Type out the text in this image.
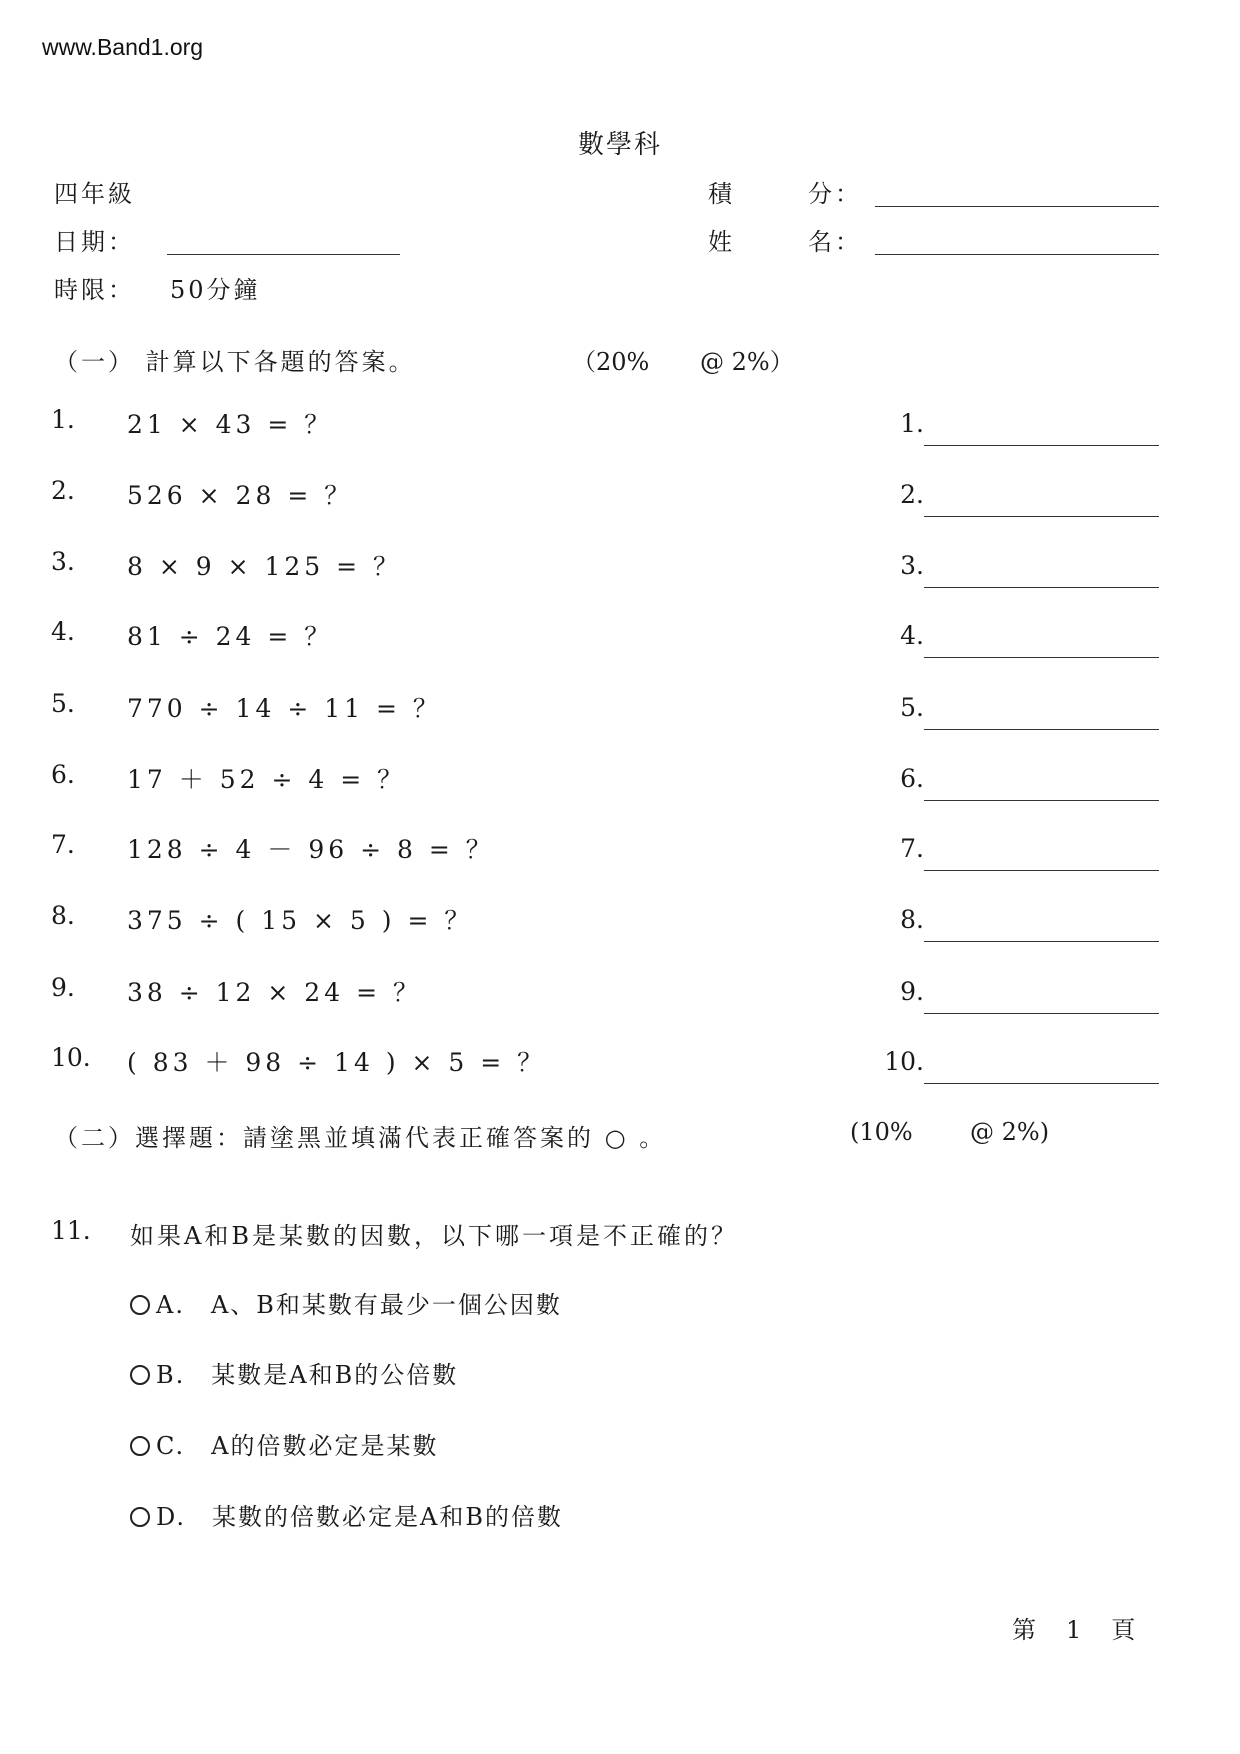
www.Band1.org
數學科
四年級
日期：
時限： 50分鐘
積	分：
姓	名：
（一） 計算以下各題的答案。	（20% @ 2%）
1. 21 × 43 = ？	1.
2. 526 × 28 = ？	2.
3. 8 × 9 × 125 = ？	3.
4. 81 ÷ 24 = ？	4.
5. 770 ÷ 14 ÷ 11 = ？	5.
6. 17 ＋ 52 ÷ 4 = ？	6.
7. 128 ÷ 4 － 96 ÷ 8 = ？	7.
8. 375 ÷ ( 15 × 5 ) = ？	8.
9. 38 ÷ 12 × 24 = ？	9.
10. ( 83 ＋ 98 ÷ 14 ) × 5 = ？	10.
（二）選擇題：請塗黑並填滿代表正確答案的 ○ 。	(10% @ 2%)
11. 如果A和B是某數的因數，以下哪一項是不正確的？
A. A、B和某數有最少一個公因數
B. 某數是A和B的公倍數
C. A的倍數必定是某數
D. 某數的倍數必定是A和B的倍數
第　1　頁
